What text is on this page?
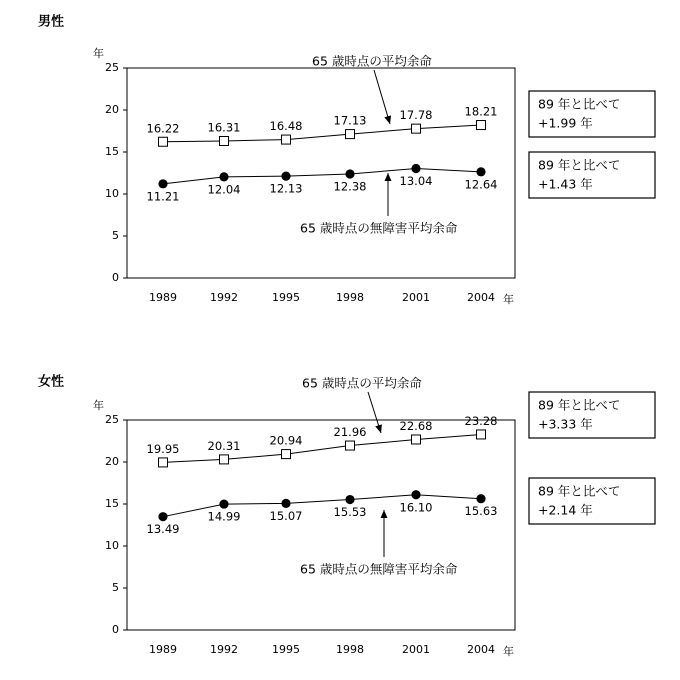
男性
0
5
10
15
20
25
年
1989	1992	1995	1998	2001	2004 年
16.22 16.31	16.48	17.13	17.78	18.21
65 歳時点の平均余命
11.21 12.04	12.13	12.38	13.04	12.64
65 歳時点の無障害平均余命
89 年と比べて
+1.99 年
89 年と比べて
+1.43 年
女性
0
5
10
15
20
25
年
1989	1992	1995	1998	2001	2004 年
19.95 20.31	20.94
21.96	22.68	23.28
65 歳時点の平均余命
13.49
14.99	15.07	15.53	16.10	15.63
65 歳時点の無障害平均余命
89 年と比べて
+3.33 年
89 年と比べて
+2.14 年
